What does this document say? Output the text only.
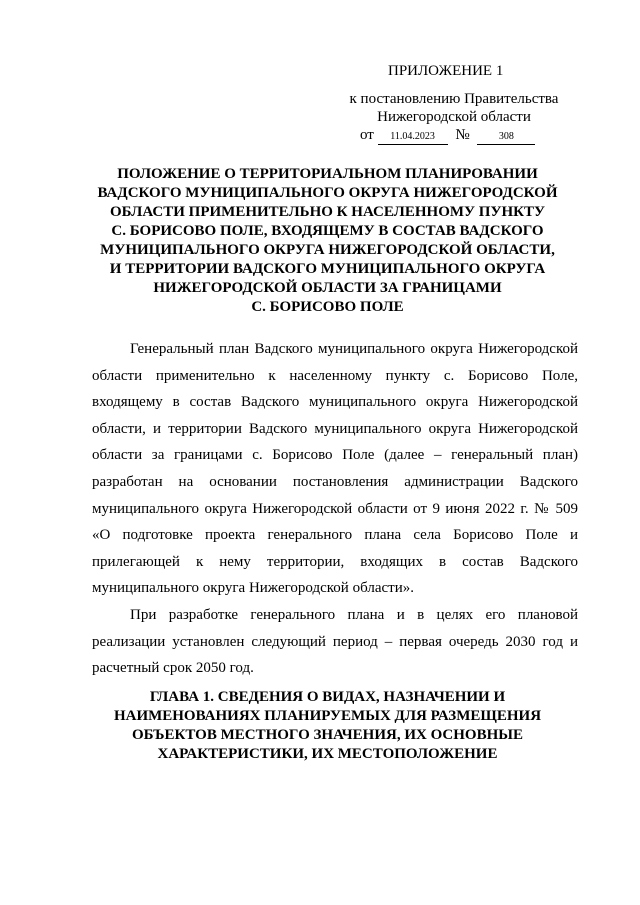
ПРИЛОЖЕНИЕ 1
к постановлению Правительства
Нижегородской области
от 11.04.2023 №	308
ПОЛОЖЕНИЕ О ТЕРРИТОРИАЛЬНОМ ПЛАНИРОВАНИИ
ВАДСКОГО МУНИЦИПАЛЬНОГО ОКРУГА НИЖЕГОРОДСКОЙ
ОБЛАСТИ ПРИМЕНИТЕЛЬНО К НАСЕЛЕННОМУ ПУНКТУ
С. БОРИСОВО ПОЛЕ, ВХОДЯЩЕМУ В СОСТАВ ВАДСКОГО
МУНИЦИПАЛЬНОГО ОКРУГА НИЖЕГОРОДСКОЙ ОБЛАСТИ,
И ТЕРРИТОРИИ ВАДСКОГО МУНИЦИПАЛЬНОГО ОКРУГА
НИЖЕГОРОДСКОЙ ОБЛАСТИ ЗА ГРАНИЦАМИ
С. БОРИСОВО ПОЛЕ

Генеральный план Вадского муниципального округа Нижегородской области применительно к населенному пункту с. Борисово Поле, входящему в состав Вадского муниципального округа Нижегородской области, и территории Вадского муниципального округа Нижегородской области за границами с. Борисово Поле (далее – генеральный план) разработан на основании постановления администрации Вадского муниципального округа Нижегородской области от 9 июня 2022 г. № 509 «О подготовке проекта генерального плана села Борисово Поле и прилегающей к нему территории, входящих в состав Вадского муниципального округа Нижегородской области».

При разработке генерального плана и в целях его плановой реализации установлен следующий период – первая очередь 2030 год и расчетный срок 2050 год.

ГЛАВА 1. СВЕДЕНИЯ О ВИДАХ, НАЗНАЧЕНИИ И
НАИМЕНОВАНИЯХ ПЛАНИРУЕМЫХ ДЛЯ РАЗМЕЩЕНИЯ
ОБЪЕКТОВ МЕСТНОГО ЗНАЧЕНИЯ, ИХ ОСНОВНЫЕ
ХАРАКТЕРИСТИКИ, ИХ МЕСТОПОЛОЖЕНИЕ
